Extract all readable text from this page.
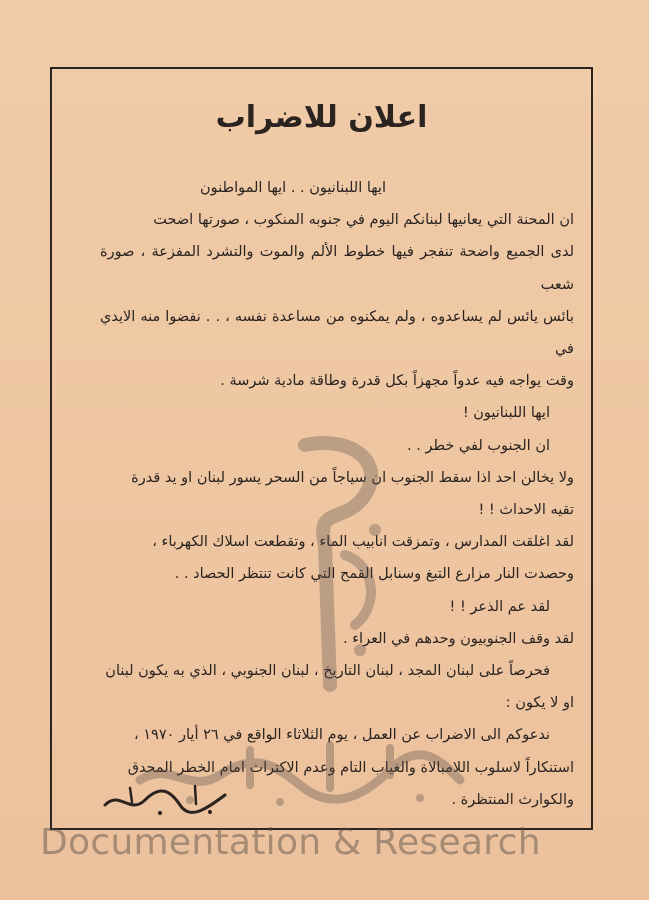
اعلان للاضراب

ايها اللبنانيون . . ايها المواطنون

ان المحنة التي يعانيها لبنانكم اليوم في جنوبه المنكوب ، صورتها اضحت

لدى الجميع واضحة تنفجر فيها خطوط الألم والموت والتشرد المفزعة ، صورة شعب

بائس يائس لم يساعدوه ، ولم يمكنوه من مساعدة نفسه ، . . نفضوا منه الايدي في

وقت يواجه فيه عدواً مجهزاً بكل قدرة وطاقة مادية شرسة .

ايها اللبنانيون !

ان الجنوب لفي خطر . .

ولا يخالن احد اذا سقط الجنوب ان سياجاً من السحر يسور لبنان او يد قدرة

تقيه الاحداث ! !

لقد اغلقت المدارس ، وتمزقت انابيب الماء ، وتقطعت اسلاك الكهرباء ،

وحصدت النار مزارع التبغ وسنابل القمح التي كانت تنتظر الحصاد . .

لقد عم الذعر ! !

لقد وقف الجنوبيون وحدهم في العراء .

فحرصاً على لبنان المجد ، لبنان التاريخ ، لبنان الجنوبي ، الذي به يكون لبنان

او لا يكون :

ندعوكم الى الاضراب عن العمل ، يوم الثلاثاء الواقع في ٢٦ أيار ١٩٧٠ ،

استنكاراً لاسلوب اللامبالاة والغياب التام وعدم الاكتراث امام الخطر المحدق

والكوارث المنتظرة .

Documentation & Research
